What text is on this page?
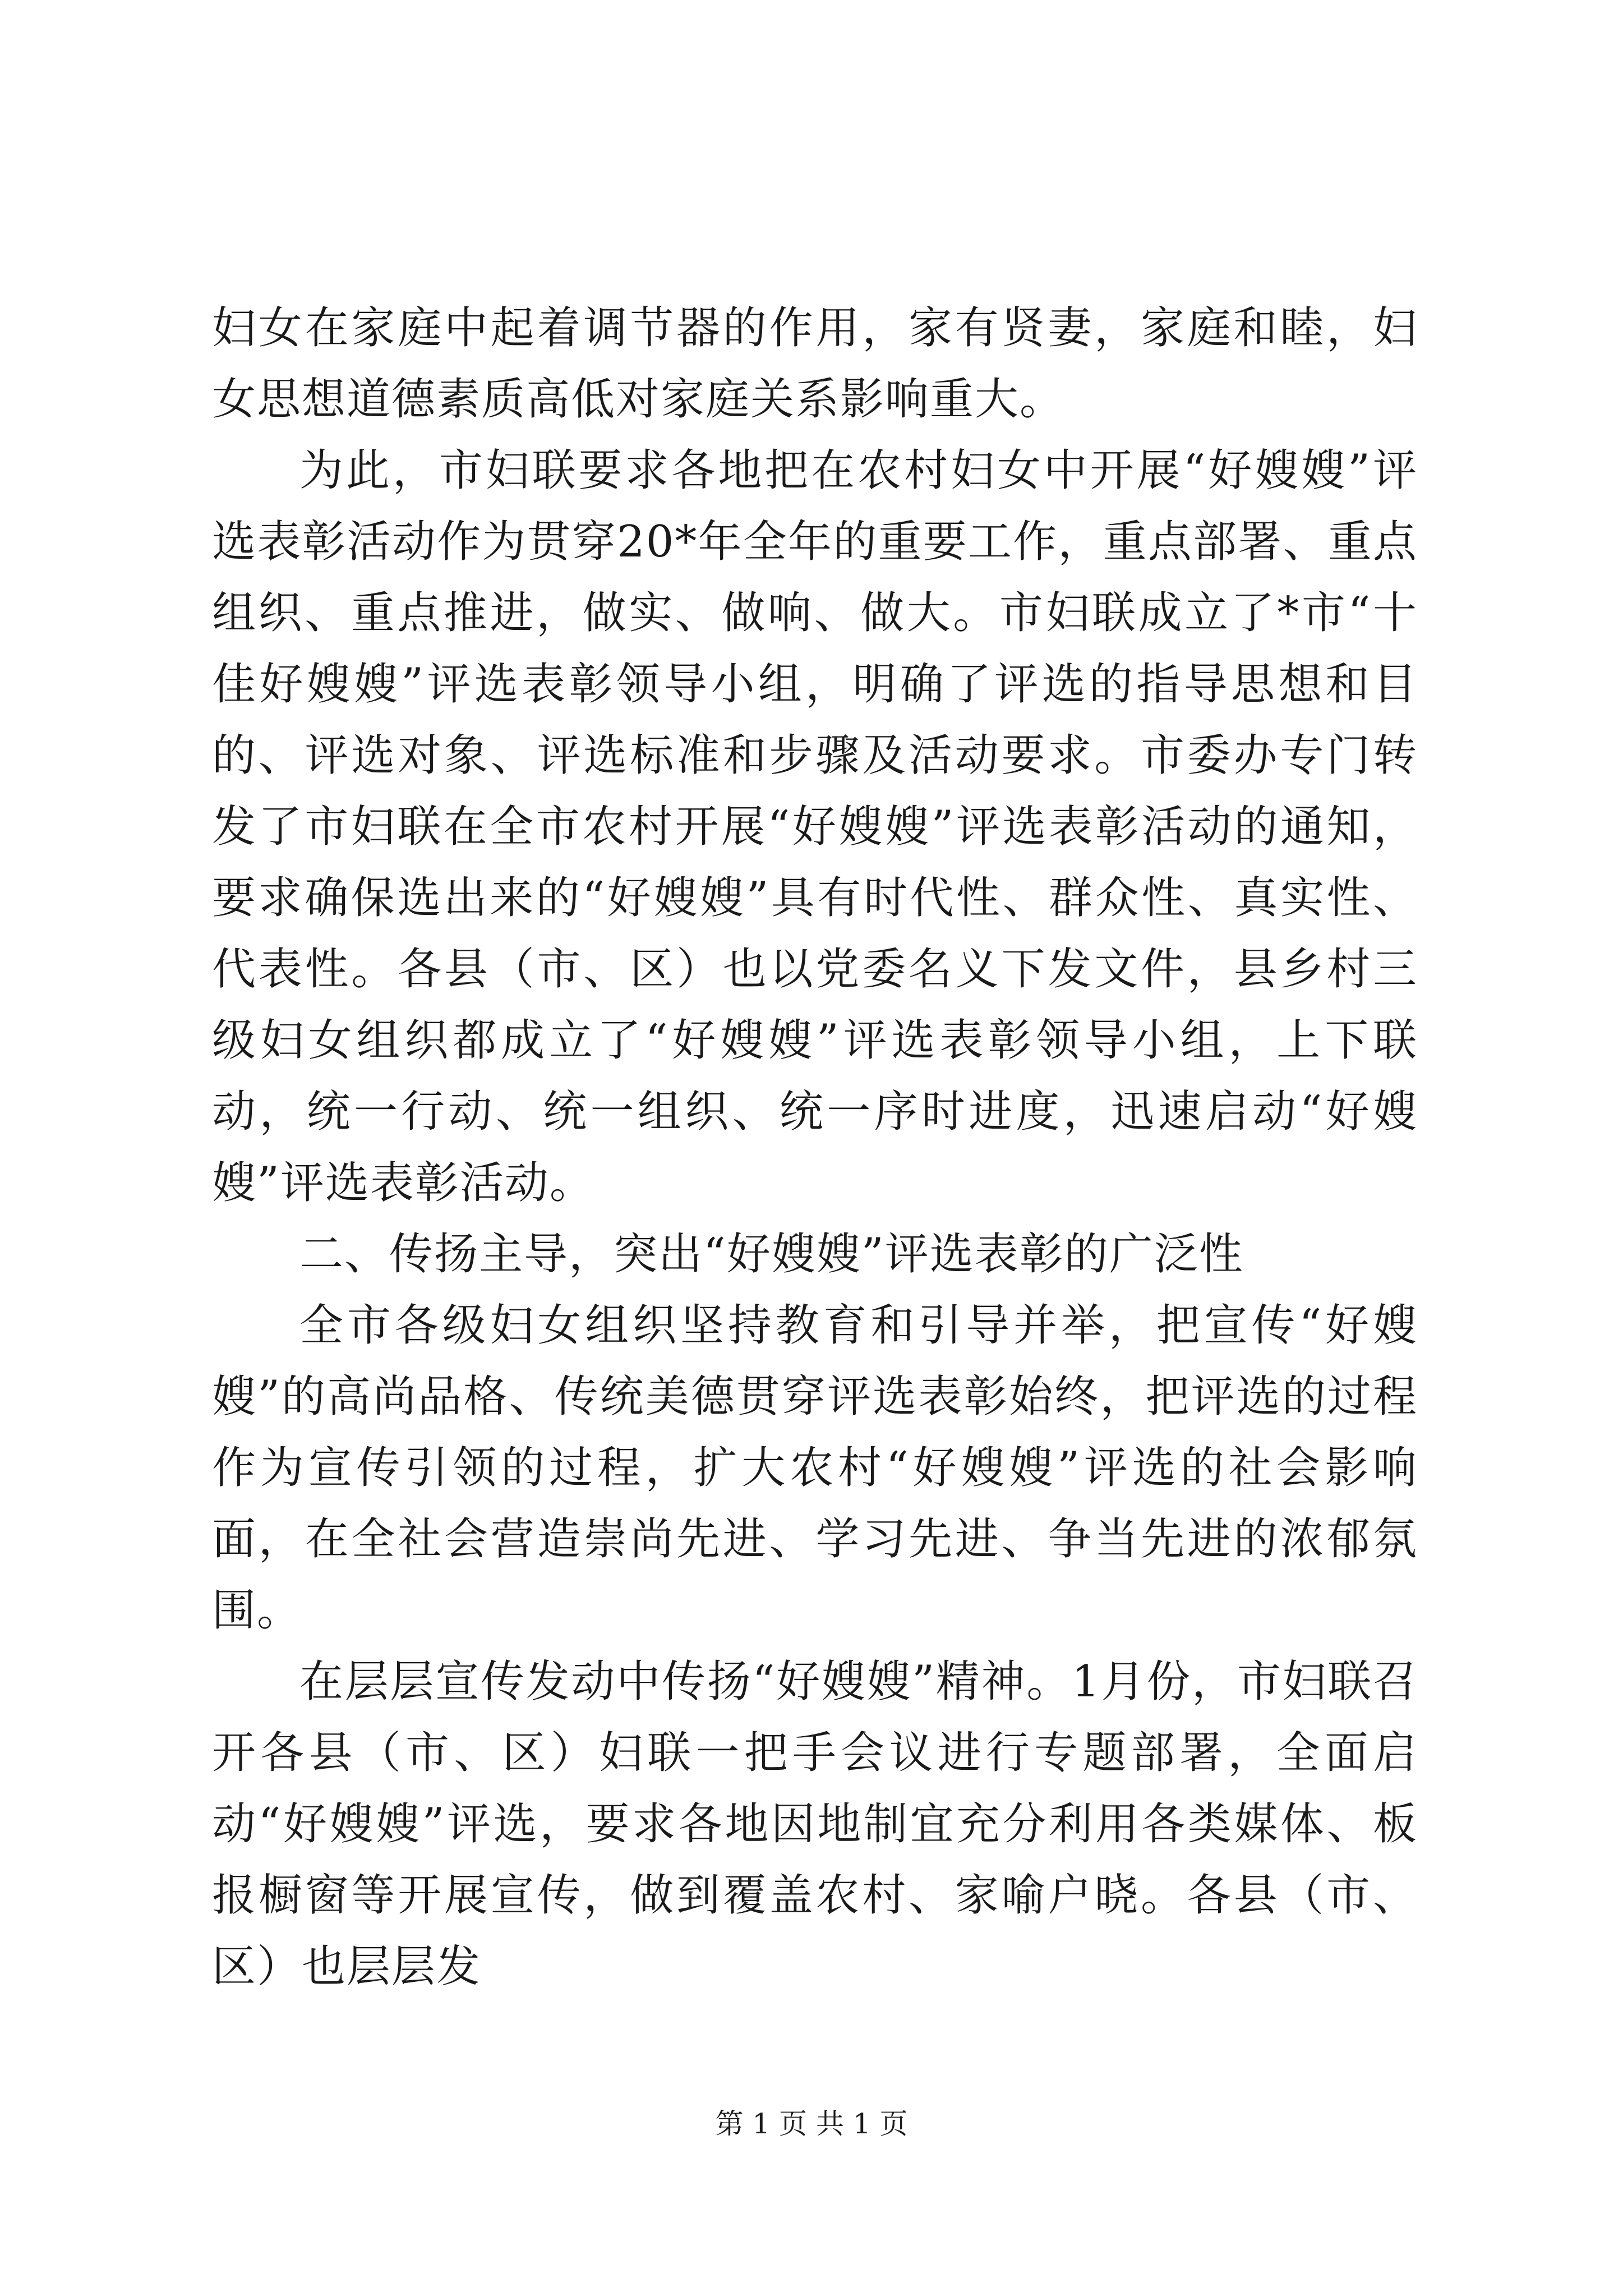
妇女在家庭中起着调节器的作用，家有贤妻，家庭和睦，妇女思想道德素质高低对家庭关系影响重大。

为此，市妇联要求各地把在农村妇女中开展“好嫂嫂”评选表彰活动作为贯穿20*年全年的重要工作，重点部署、重点组织、重点推进，做实、做响、做大。市妇联成立了*市“十佳好嫂嫂”评选表彰领导小组，明确了评选的指导思想和目的、评选对象、评选标准和步骤及活动要求。市委办专门转发了市妇联在全市农村开展“好嫂嫂”评选表彰活动的通知，要求确保选出来的“好嫂嫂”具有时代性、群众性、真实性、代表性。各县（市、区）也以党委名义下发文件，县乡村三级妇女组织都成立了“好嫂嫂”评选表彰领导小组，上下联动，统一行动、统一组织、统一序时进度，迅速启动“好嫂嫂”评选表彰活动。

二、传扬主导，突出“好嫂嫂”评选表彰的广泛性

全市各级妇女组织坚持教育和引导并举，把宣传“好嫂嫂”的高尚品格、传统美德贯穿评选表彰始终，把评选的过程作为宣传引领的过程，扩大农村“好嫂嫂”评选的社会影响面，在全社会营造崇尚先进、学习先进、争当先进的浓郁氛围。

在层层宣传发动中传扬“好嫂嫂”精神。1月份，市妇联召开各县（市、区）妇联一把手会议进行专题部署，全面启动“好嫂嫂”评选，要求各地因地制宜充分利用各类媒体、板报橱窗等开展宣传，做到覆盖农村、家喻户晓。各县（市、区）也层层发

第 1 页 共 1 页
